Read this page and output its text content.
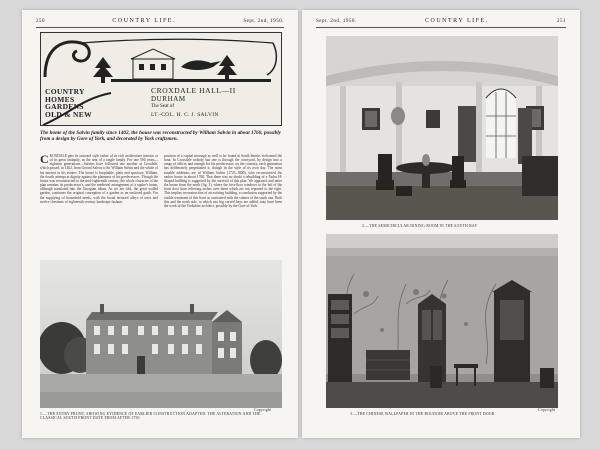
250	COUNTRY LIFE.	Sept. 2nd, 1950.
COUNTRY
HOMES
GARDENS
OLD & NEW
CROXDALE HALL—II
DURHAM
The Seat of
LT.-COL. H. C. J. SALVIN
The home of the Salvin family since 1402, the house was reconstructed by William Salvin in about 1760, possibly from a design by Gore of York, and decorated by York craftsmen.
CROXDALE gets its outward style rather of its rich architecture interior or of its great antiquity, as the seat of a single family. For one 500 years—eighteen generations—Salvins have followed one another at Croxdale, which passed, in 1402, from Gerard Salvin to Sir William Salvin and the whole of his interest in his estates. The house is hospitable, plain and spacious; William, the fourth attempt at dignity against the plainness of his predecessors. Though the house was reconstructed in the mid-eighteenth century, the whole character of the plan remains its predecessor's, and the medieval arrangement of a squire's home, although translated into the Georgian idiom. As we are told, the great walled garden, continues the original conception of a garden as an enclosed garth. For the supplying of household needs, with the broad terraced alleys of trees and twelve chestnuts of eighteenth-century landscape fashion.
position of a capital message as well to be found at South Smiths welcomed the hour. In Crossdale nobody but one is through the courtyard, by design into a range of offices and enough for his predecessor; on the contrary, each generation has deliberately perpetuated it, though in the style of its own day. The most notable additions are of William Salvin (1723–1800), who reconstructed the earlier house in about 1760. That there was no doubt a rebuilding of a Tudor H-shaped building is suggested by the survival of this plan. We approach and enter the house from the north (fig. 1), where the first-floor windows to the left of the front door have relieving arches over them which are not repeated to the right. This implies reconstruction of an existing building, a conclusion supported by the visible treatment of this front as contrasted with the calmer of the south one. Both this and the north side, to which two big curved bays are added, may have been the work of the Yorkshire architect, possibly by the Gore of York.
1.—THE ENTRY FRONT, SHOWING EVIDENCE OF EARLIER CONSTRUCTION ADAPTED. THE ALTERATION AND THE CLASSICAL SOUTH FRONT DATE FROM AFTER 1750
Copyright
Sept. 2nd, 1950.	COUNTRY LIFE.	251
2.—THE SEMICIRCULAR DINING-ROOM IN THE SOUTH BAY
3.—THE CHINESE WALLPAPER IN THE BOUDOIR ABOVE THE FRONT DOOR
Copyright
